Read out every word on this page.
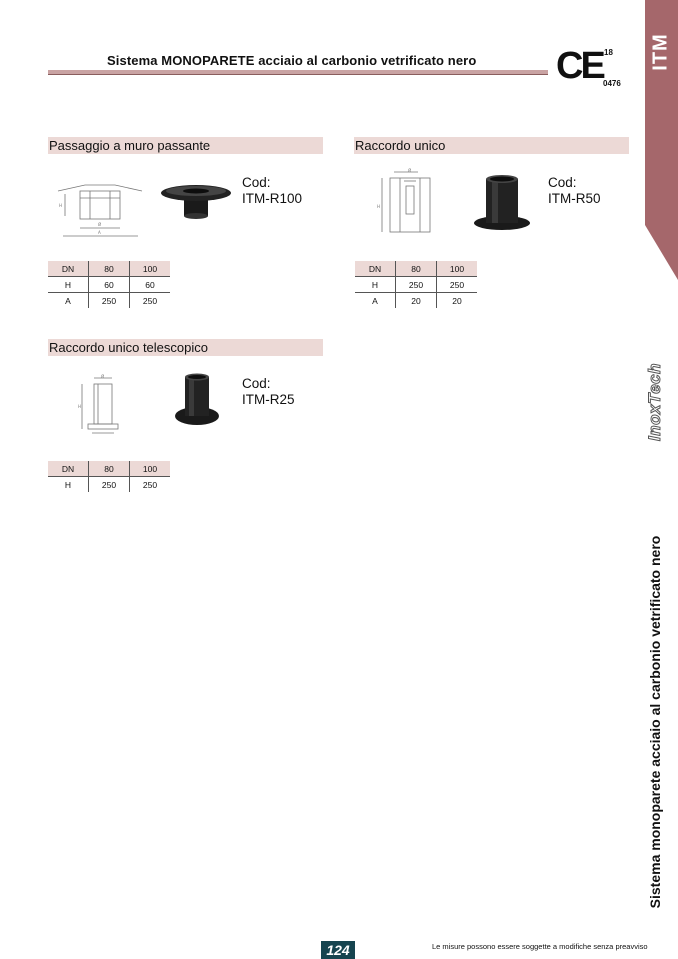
Sistema MONOPARETE acciaio al carbonio vetrificato nero CE 18
0476
ITM
InoxTech
Sistema monoparete acciaio al carbonio vetrificato nero
Passaggio a muro passante
H
Ø
A
Cod:
ITM-R100
DN	80	100
H	60	60
A	250	250
Raccordo unico
Ø
H
Cod:
ITM-R50
DN	80	100
H	250	250
A	20	20
Raccordo unico telescopico
Ø
H
Cod:
ITM-R25
DN	80	100
H	250	250
124	Le misure possono essere soggette a modifiche senza preavviso
